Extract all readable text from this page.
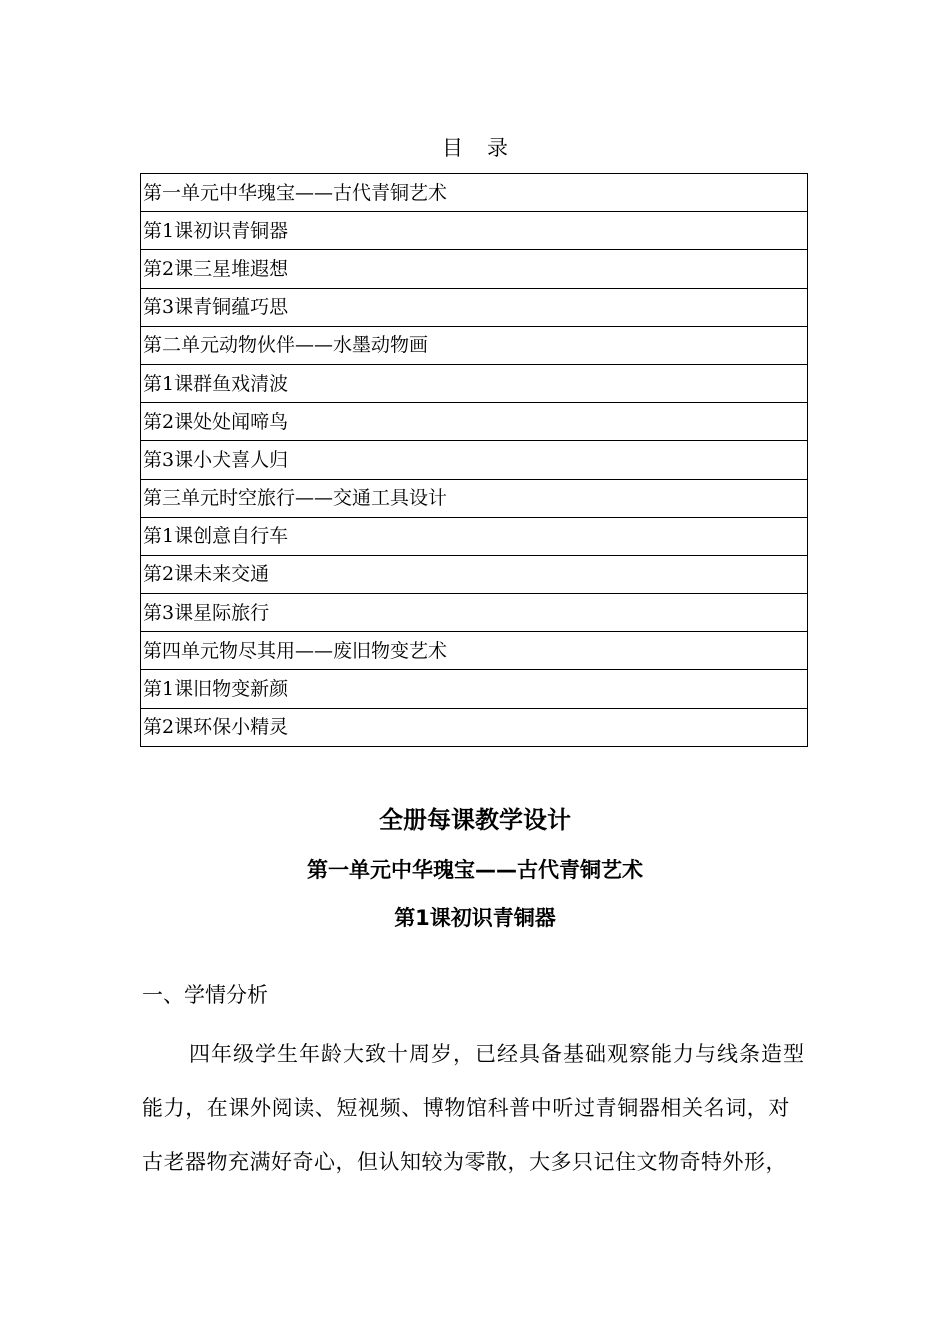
目录
第一单元中华瑰宝——古代青铜艺术
第1课初识青铜器
第2课三星堆遐想
第3课青铜蕴巧思
第二单元动物伙伴——水墨动物画
第1课群鱼戏清波
第2课处处闻啼鸟
第3课小犬喜人归
第三单元时空旅行——交通工具设计
第1课创意自行车
第2课未来交通
第3课星际旅行
第四单元物尽其用——废旧物变艺术
第1课旧物变新颜
第2课环保小精灵
全册每课教学设计
第一单元中华瑰宝——古代青铜艺术
第1课初识青铜器
一、学情分析
四年级学生年龄大致十周岁，已经具备基础观察能力与线条造型
能力，在课外阅读、短视频、博物馆科普中听过青铜器相关名词，对
古老器物充满好奇心，但认知较为零散，大多只记住文物奇特外形，
